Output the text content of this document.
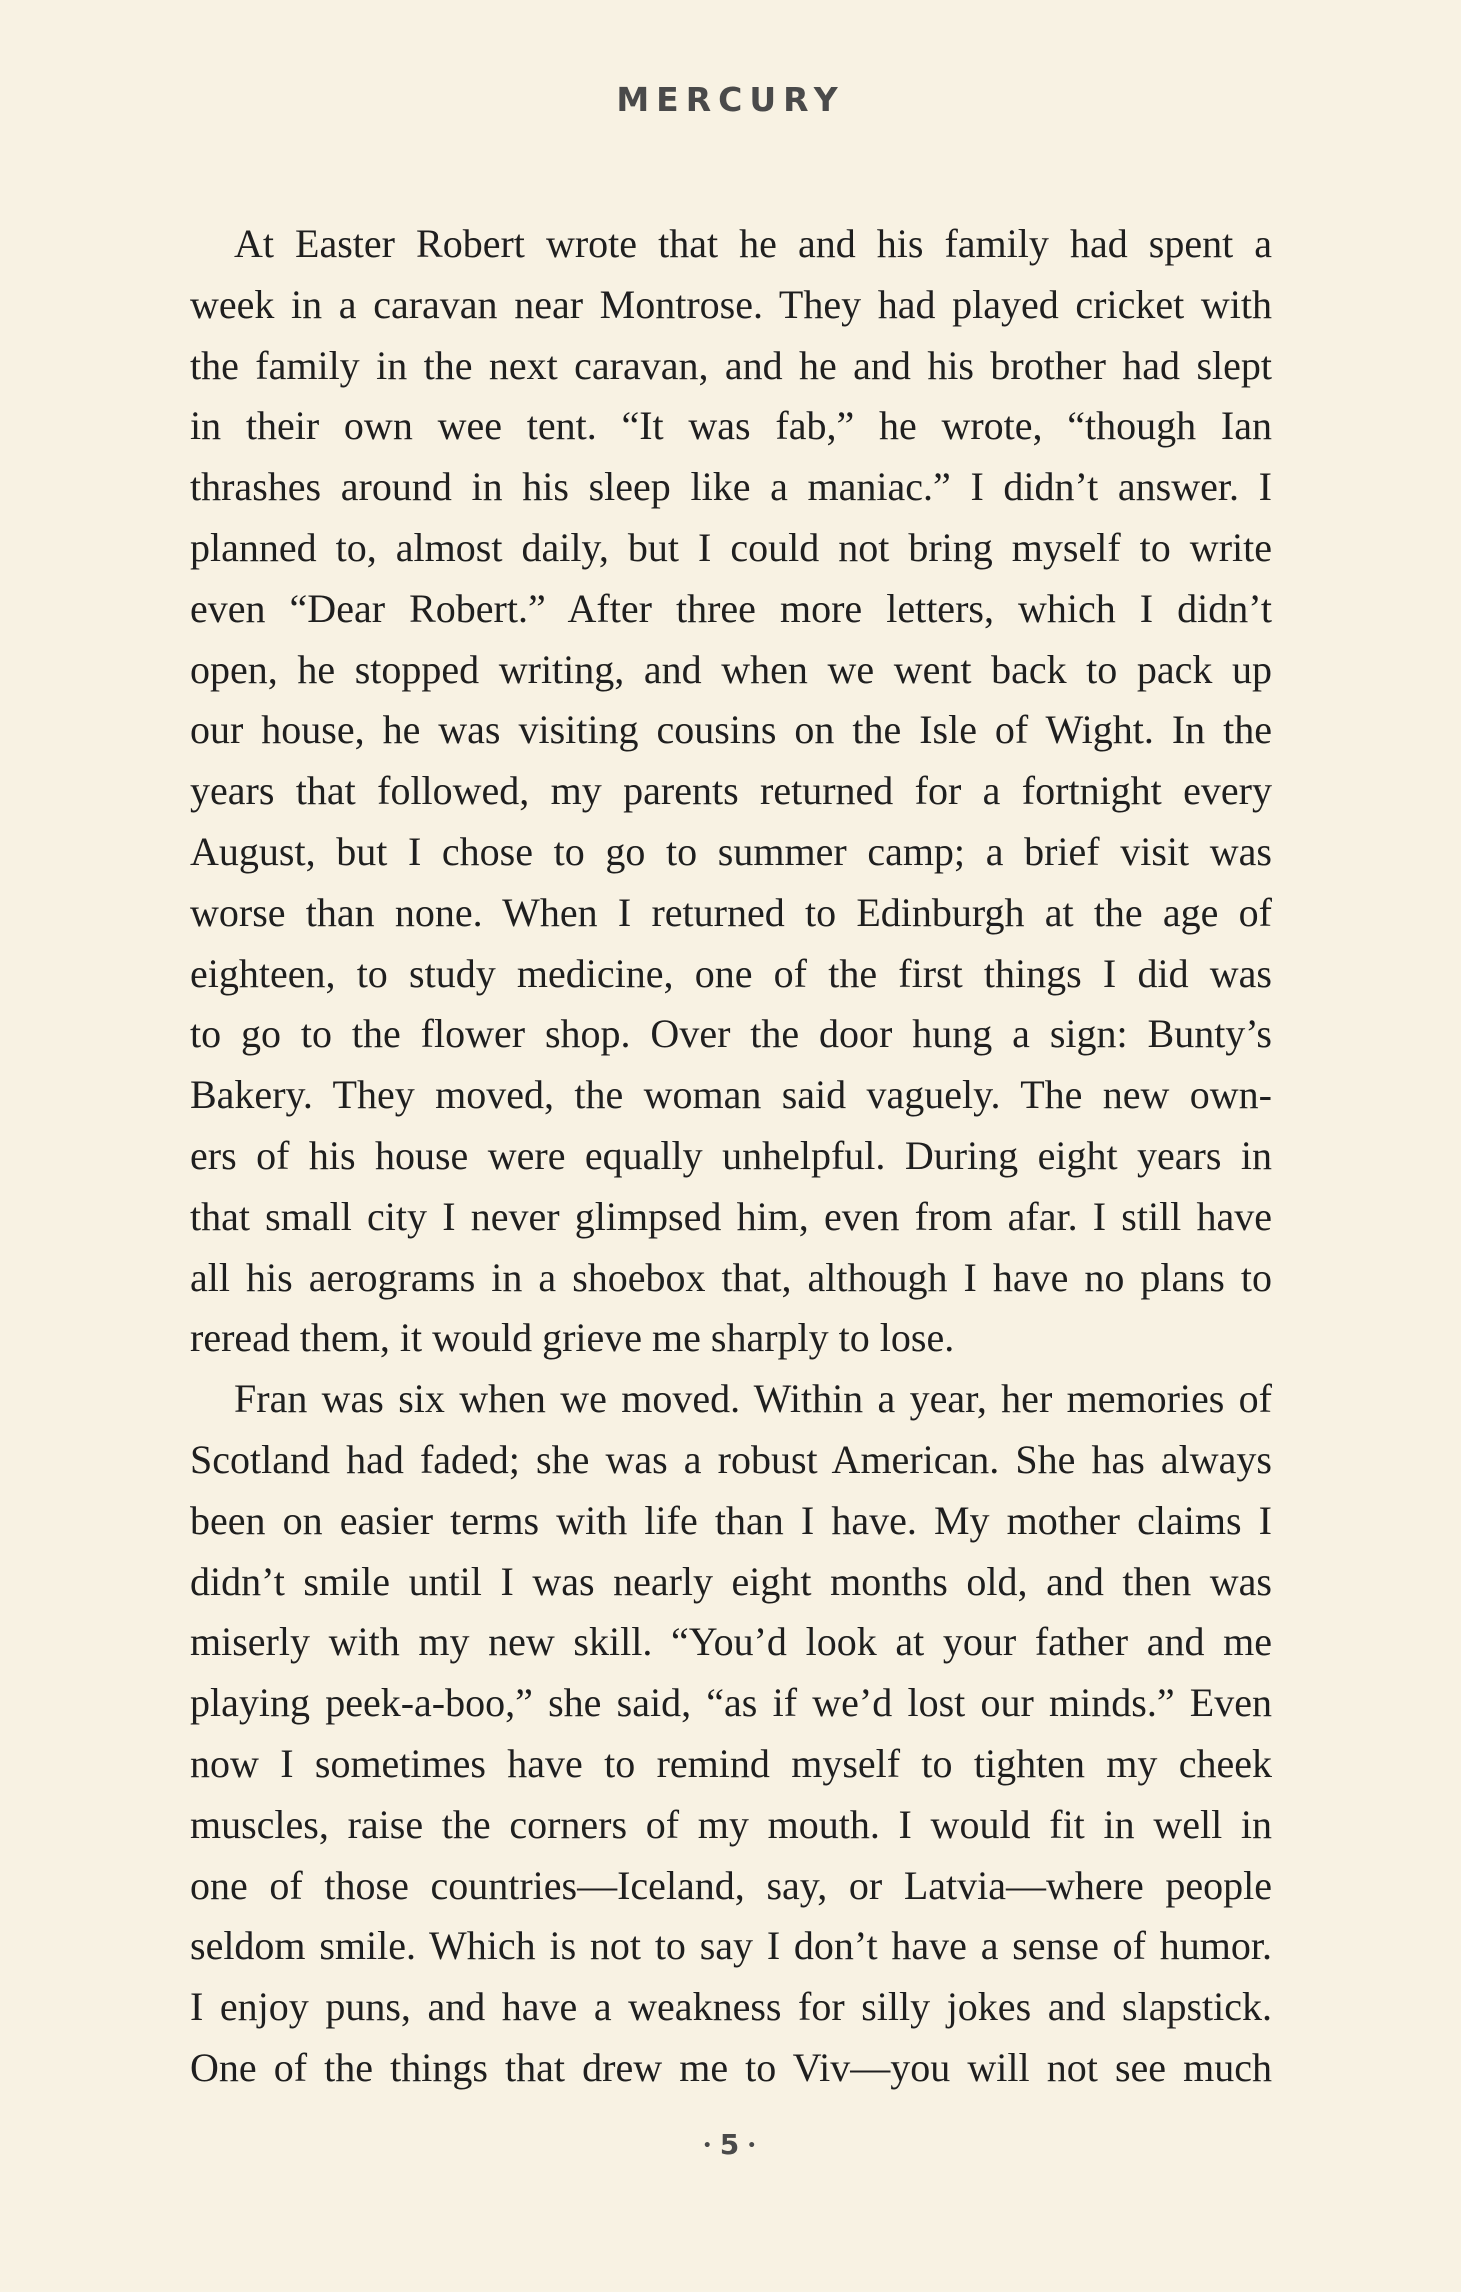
MERCURY
At Easter Robert wrote that he and his family had spent a
week in a caravan near Montrose. They had played cricket with
the family in the next caravan, and he and his brother had slept
in their own wee tent. “It was fab,” he wrote, “though Ian
thrashes around in his sleep like a maniac.” I didn’t answer. I
planned to, almost daily, but I could not bring myself to write
even “Dear Robert.” After three more letters, which I didn’t
open, he stopped writing, and when we went back to pack up
our house, he was visiting cousins on the Isle of Wight. In the
years that followed, my parents returned for a fortnight every
August, but I chose to go to summer camp; a brief visit was
worse than none. When I returned to Edinburgh at the age of
eighteen, to study medicine, one of the first things I did was
to go to the flower shop. Over the door hung a sign: Bunty’s
Bakery. They moved, the woman said vaguely. The new own-
ers of his house were equally unhelpful. During eight years in
that small city I never glimpsed him, even from afar. I still have
all his aerograms in a shoebox that, although I have no plans to
reread them, it would grieve me sharply to lose.
Fran was six when we moved. Within a year, her memories of
Scotland had faded; she was a robust American. She has always
been on easier terms with life than I have. My mother claims I
didn’t smile until I was nearly eight months old, and then was
miserly with my new skill. “You’d look at your father and me
playing peek-a-boo,” she said, “as if we’d lost our minds.” Even
now I sometimes have to remind myself to tighten my cheek
muscles, raise the corners of my mouth. I would fit in well in
one of those countries—Iceland, say, or Latvia—where people
seldom smile. Which is not to say I don’t have a sense of humor.
I enjoy puns, and have a weakness for silly jokes and slapstick.
One of the things that drew me to Viv—you will not see much
• 5 •
